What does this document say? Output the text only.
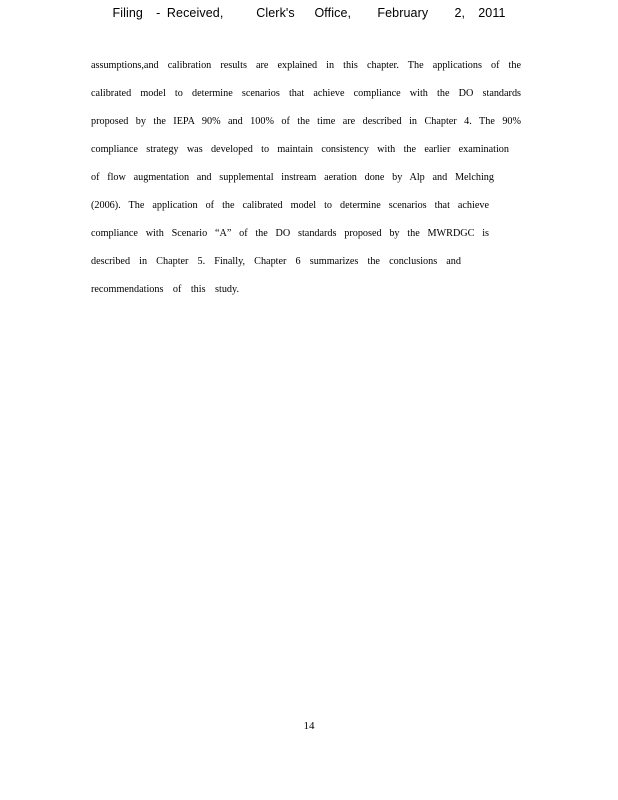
Filing  - Received,     Clerk's   Office,    February    2,  2011
assumptions,and calibration results are explained in this chapter. The applications of the
calibrated model to determine scenarios that achieve compliance with the DO standards
proposed by the IEPA 90% and 100% of the time are described in Chapter 4. The 90%
compliance strategy was developed to maintain consistency with the earlier examination
of flow augmentation and supplemental instream aeration done by Alp and Melching
(2006). The application of the calibrated model to determine scenarios that achieve
compliance with Scenario “A” of the DO standards proposed by the MWRDGC is
described in Chapter 5. Finally, Chapter 6 summarizes the conclusions and
recommendations of this study.
14
